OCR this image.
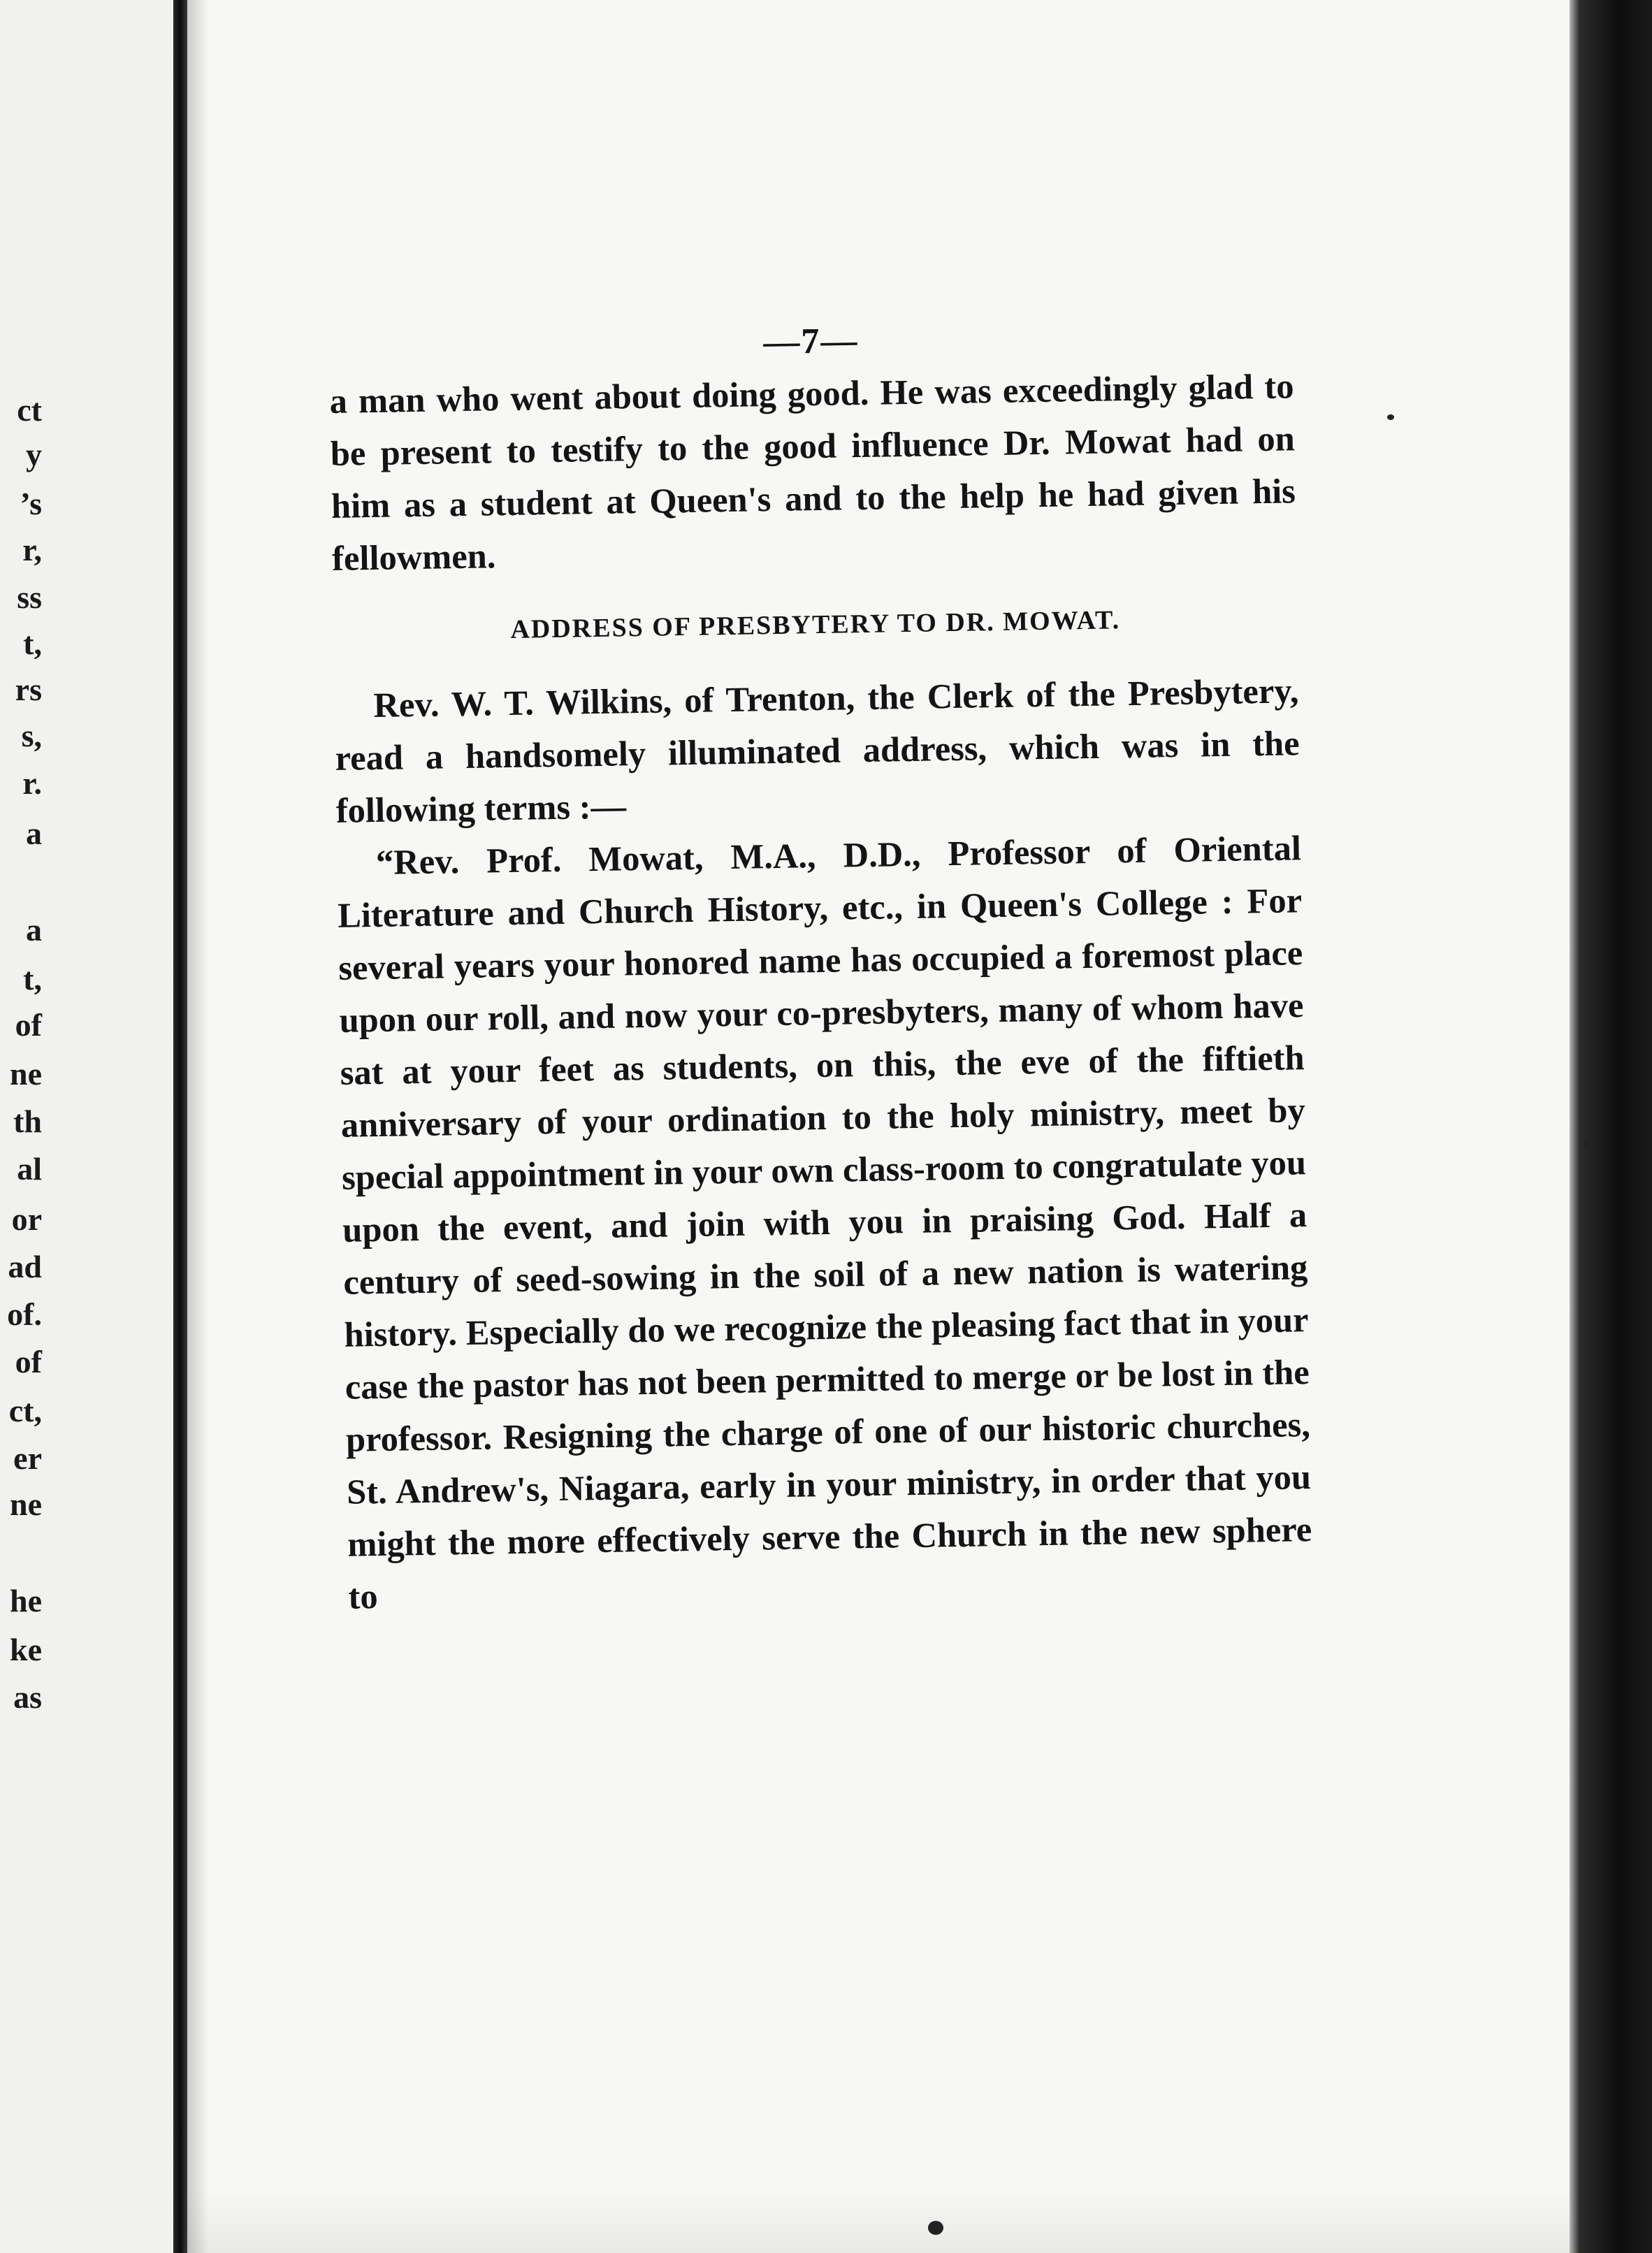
ct
y
’s
r,
ss
t,
rs
s,
r.
a
a
t,
of
ne
th
al
or
ad
of.
of
ct,
er
ne
he
ke
as
—7—

a man who went about doing good. He was exceedingly glad to be present to testify to the good influence Dr. Mowat had on him as a student at Queen's and to the help he had given his fellowmen.

ADDRESS OF PRESBYTERY TO DR. MOWAT.

Rev. W. T. Wilkins, of Trenton, the Clerk of the Presbytery, read a handsomely illuminated address, which was in the following terms :—

“Rev. Prof. Mowat, M.A., D.D., Professor of Oriental Literature and Church History, etc., in Queen's College : For several years your honored name has occupied a foremost place upon our roll, and now your co-presbyters, many of whom have sat at your feet as students, on this, the eve of the fiftieth anniversary of your ordination to the holy ministry, meet by special appointment in your own class-room to congratulate you upon the event, and join with you in praising God. Half a century of seed-sowing in the soil of a new nation is watering history. Especially do we recognize the pleasing fact that in your case the pastor has not been permitted to merge or be lost in the professor. Resigning the charge of one of our historic churches, St. Andrew's, Niagara, early in your ministry, in order that you might the more effectively serve the Church in the new sphere to
